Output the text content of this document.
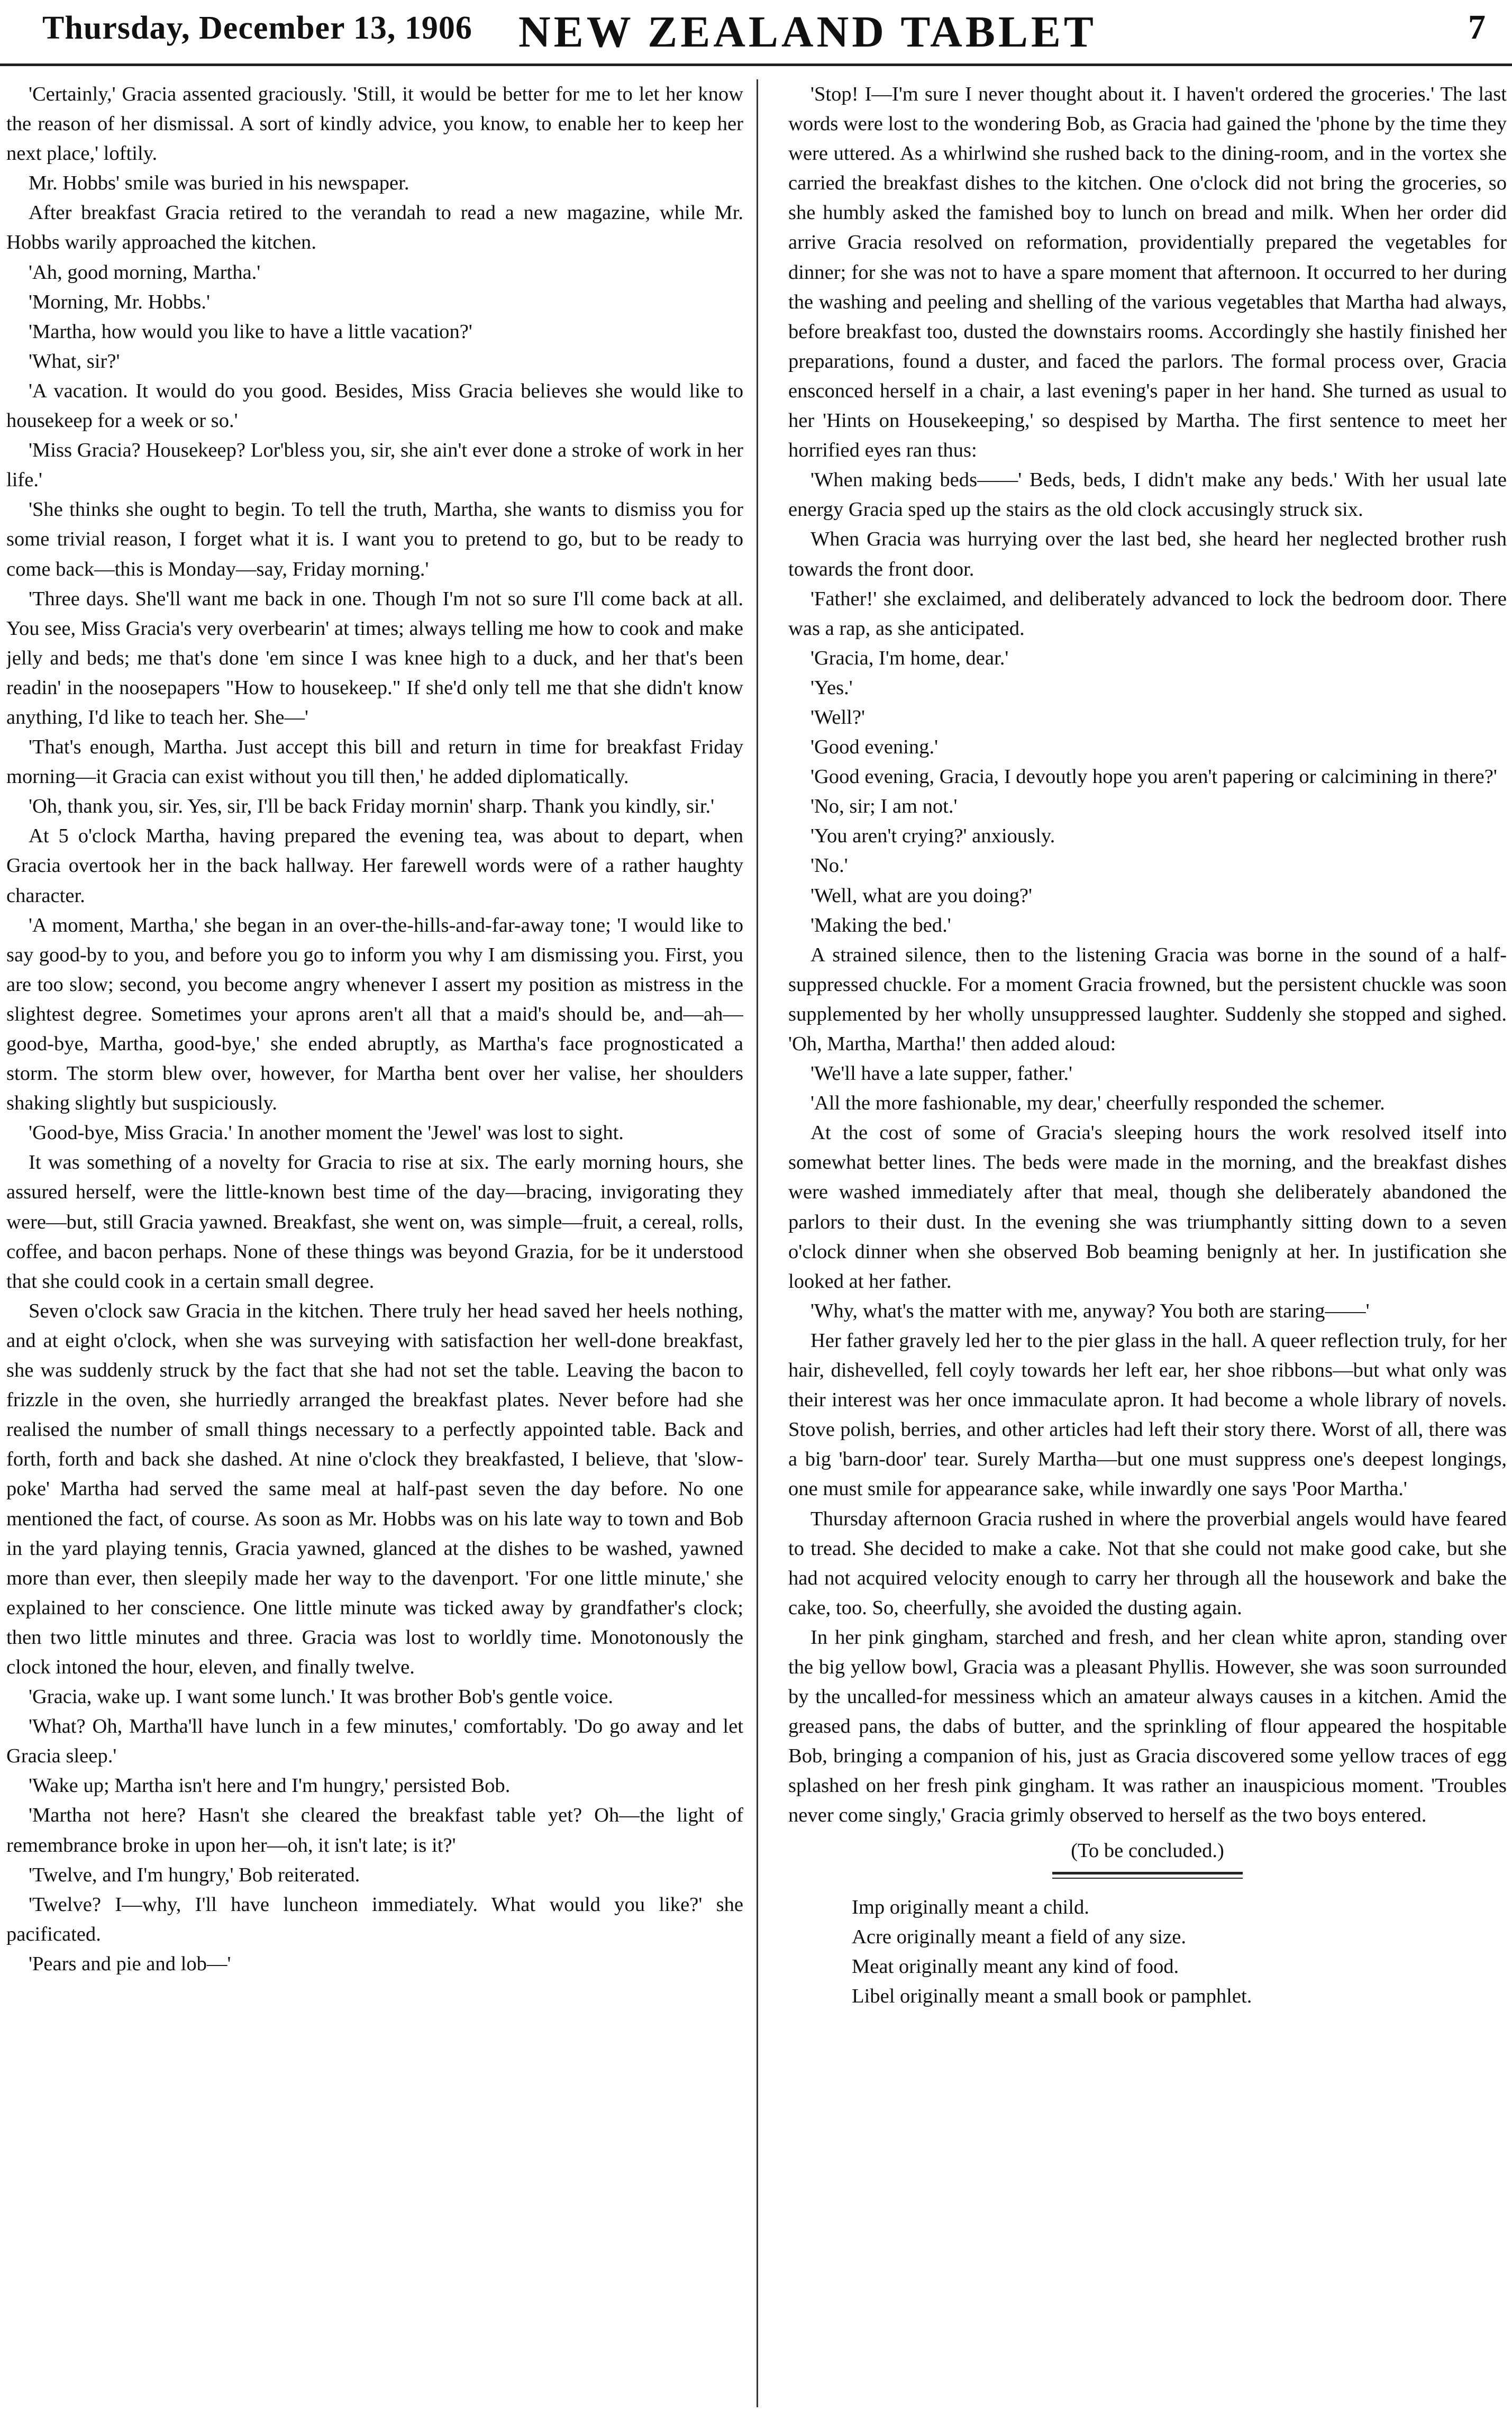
Thursday, December 13, 1906 NEW ZEALAND TABLET	7

'Certainly,' Gracia assented graciously. 'Still, it would be better for me to let her know the reason of her dismissal. A sort of kindly advice, you know, to enable her to keep her next place,' loftily.

Mr. Hobbs' smile was buried in his newspaper.

After breakfast Gracia retired to the verandah to read a new magazine, while Mr. Hobbs warily approached the kitchen.

'Ah, good morning, Martha.'

'Morning, Mr. Hobbs.'

'Martha, how would you like to have a little vacation?'

'What, sir?'

'A vacation. It would do you good. Besides, Miss Gracia believes she would like to housekeep for a week or so.'

'Miss Gracia? Housekeep? Lor'bless you, sir, she ain't ever done a stroke of work in her life.'

'She thinks she ought to begin. To tell the truth, Martha, she wants to dismiss you for some trivial reason, I forget what it is. I want you to pretend to go, but to be ready to come back—this is Monday—say, Friday morning.'

'Three days. She'll want me back in one. Though I'm not so sure I'll come back at all. You see, Miss Gracia's very overbearin' at times; always telling me how to cook and make jelly and beds; me that's done 'em since I was knee high to a duck, and her that's been readin' in the noosepapers "How to housekeep." If she'd only tell me that she didn't know anything, I'd like to teach her. She—'

'That's enough, Martha. Just accept this bill and return in time for breakfast Friday morning—it Gracia can exist without you till then,' he added diplomatically.

'Oh, thank you, sir. Yes, sir, I'll be back Friday mornin' sharp. Thank you kindly, sir.'

At 5 o'clock Martha, having prepared the evening tea, was about to depart, when Gracia overtook her in the back hallway. Her farewell words were of a rather haughty character.

'A moment, Martha,' she began in an over-the-hills-and-far-away tone; 'I would like to say good-by to you, and before you go to inform you why I am dismissing you. First, you are too slow; second, you become angry whenever I assert my position as mistress in the slightest degree. Sometimes your aprons aren't all that a maid's should be, and—ah—good-bye, Martha, good-bye,' she ended abruptly, as Martha's face prognosticated a storm. The storm blew over, however, for Martha bent over her valise, her shoulders shaking slightly but suspiciously.

'Good-bye, Miss Gracia.' In another moment the 'Jewel' was lost to sight.

It was something of a novelty for Gracia to rise at six. The early morning hours, she assured herself, were the little-known best time of the day—bracing, invigorating they were—but, still Gracia yawned. Breakfast, she went on, was simple—fruit, a cereal, rolls, coffee, and bacon perhaps. None of these things was beyond Grazia, for be it understood that she could cook in a certain small degree.

Seven o'clock saw Gracia in the kitchen. There truly her head saved her heels nothing, and at eight o'clock, when she was surveying with satisfaction her well-done breakfast, she was suddenly struck by the fact that she had not set the table. Leaving the bacon to frizzle in the oven, she hurriedly arranged the breakfast plates. Never before had she realised the number of small things necessary to a perfectly appointed table. Back and forth, forth and back she dashed. At nine o'clock they breakfasted, I believe, that 'slow-poke' Martha had served the same meal at half-past seven the day before. No one mentioned the fact, of course. As soon as Mr. Hobbs was on his late way to town and Bob in the yard playing tennis, Gracia yawned, glanced at the dishes to be washed, yawned more than ever, then sleepily made her way to the davenport. 'For one little minute,' she explained to her conscience. One little minute was ticked away by grandfather's clock; then two little minutes and three. Gracia was lost to worldly time. Monotonously the clock intoned the hour, eleven, and finally twelve.

'Gracia, wake up. I want some lunch.' It was brother Bob's gentle voice.

'What? Oh, Martha'll have lunch in a few minutes,' comfortably. 'Do go away and let Gracia sleep.'

'Wake up; Martha isn't here and I'm hungry,' persisted Bob.

'Martha not here? Hasn't she cleared the breakfast table yet? Oh—the light of remembrance broke in upon her—oh, it isn't late; is it?'

'Twelve, and I'm hungry,' Bob reiterated.

'Twelve? I—why, I'll have luncheon immediately. What would you like?' she pacificated.

'Pears and pie and lob—'

'Stop! I—I'm sure I never thought about it. I haven't ordered the groceries.' The last words were lost to the wondering Bob, as Gracia had gained the 'phone by the time they were uttered. As a whirlwind she rushed back to the dining-room, and in the vortex she carried the breakfast dishes to the kitchen. One o'clock did not bring the groceries, so she humbly asked the famished boy to lunch on bread and milk. When her order did arrive Gracia resolved on reformation, providentially prepared the vegetables for dinner; for she was not to have a spare moment that afternoon. It occurred to her during the washing and peeling and shelling of the various vegetables that Martha had always, before breakfast too, dusted the downstairs rooms. Accordingly she hastily finished her preparations, found a duster, and faced the parlors. The formal process over, Gracia ensconced herself in a chair, a last evening's paper in her hand. She turned as usual to her 'Hints on Housekeeping,' so despised by Martha. The first sentence to meet her horrified eyes ran thus:

'When making beds——' Beds, beds, I didn't make any beds.' With her usual late energy Gracia sped up the stairs as the old clock accusingly struck six.

When Gracia was hurrying over the last bed, she heard her neglected brother rush towards the front door.

'Father!' she exclaimed, and deliberately advanced to lock the bedroom door. There was a rap, as she anticipated.

'Gracia, I'm home, dear.'

'Yes.'

'Well?'

'Good evening.'

'Good evening, Gracia, I devoutly hope you aren't papering or calcimining in there?'

'No, sir; I am not.'

'You aren't crying?' anxiously.

'No.'

'Well, what are you doing?'

'Making the bed.'

A strained silence, then to the listening Gracia was borne in the sound of a half-suppressed chuckle. For a moment Gracia frowned, but the persistent chuckle was soon supplemented by her wholly unsuppressed laughter. Suddenly she stopped and sighed. 'Oh, Martha, Martha!' then added aloud:

'We'll have a late supper, father.'

'All the more fashionable, my dear,' cheerfully responded the schemer.

At the cost of some of Gracia's sleeping hours the work resolved itself into somewhat better lines. The beds were made in the morning, and the breakfast dishes were washed immediately after that meal, though she deliberately abandoned the parlors to their dust. In the evening she was triumphantly sitting down to a seven o'clock dinner when she observed Bob beaming benignly at her. In justification she looked at her father.

'Why, what's the matter with me, anyway? You both are staring——'

Her father gravely led her to the pier glass in the hall. A queer reflection truly, for her hair, dishevelled, fell coyly towards her left ear, her shoe ribbons—but what only was their interest was her once immaculate apron. It had become a whole library of novels. Stove polish, berries, and other articles had left their story there. Worst of all, there was a big 'barn-door' tear. Surely Martha—but one must suppress one's deepest longings, one must smile for appearance sake, while inwardly one says 'Poor Martha.'

Thursday afternoon Gracia rushed in where the proverbial angels would have feared to tread. She decided to make a cake. Not that she could not make good cake, but she had not acquired velocity enough to carry her through all the housework and bake the cake, too. So, cheerfully, she avoided the dusting again.

In her pink gingham, starched and fresh, and her clean white apron, standing over the big yellow bowl, Gracia was a pleasant Phyllis. However, she was soon surrounded by the uncalled-for messiness which an amateur always causes in a kitchen. Amid the greased pans, the dabs of butter, and the sprinkling of flour appeared the hospitable Bob, bringing a companion of his, just as Gracia discovered some yellow traces of egg splashed on her fresh pink gingham. It was rather an inauspicious moment. 'Troubles never come singly,' Gracia grimly observed to herself as the two boys entered.

(To be concluded.)

Imp originally meant a child.

Acre originally meant a field of any size.

Meat originally meant any kind of food.

Libel originally meant a small book or pamphlet.
